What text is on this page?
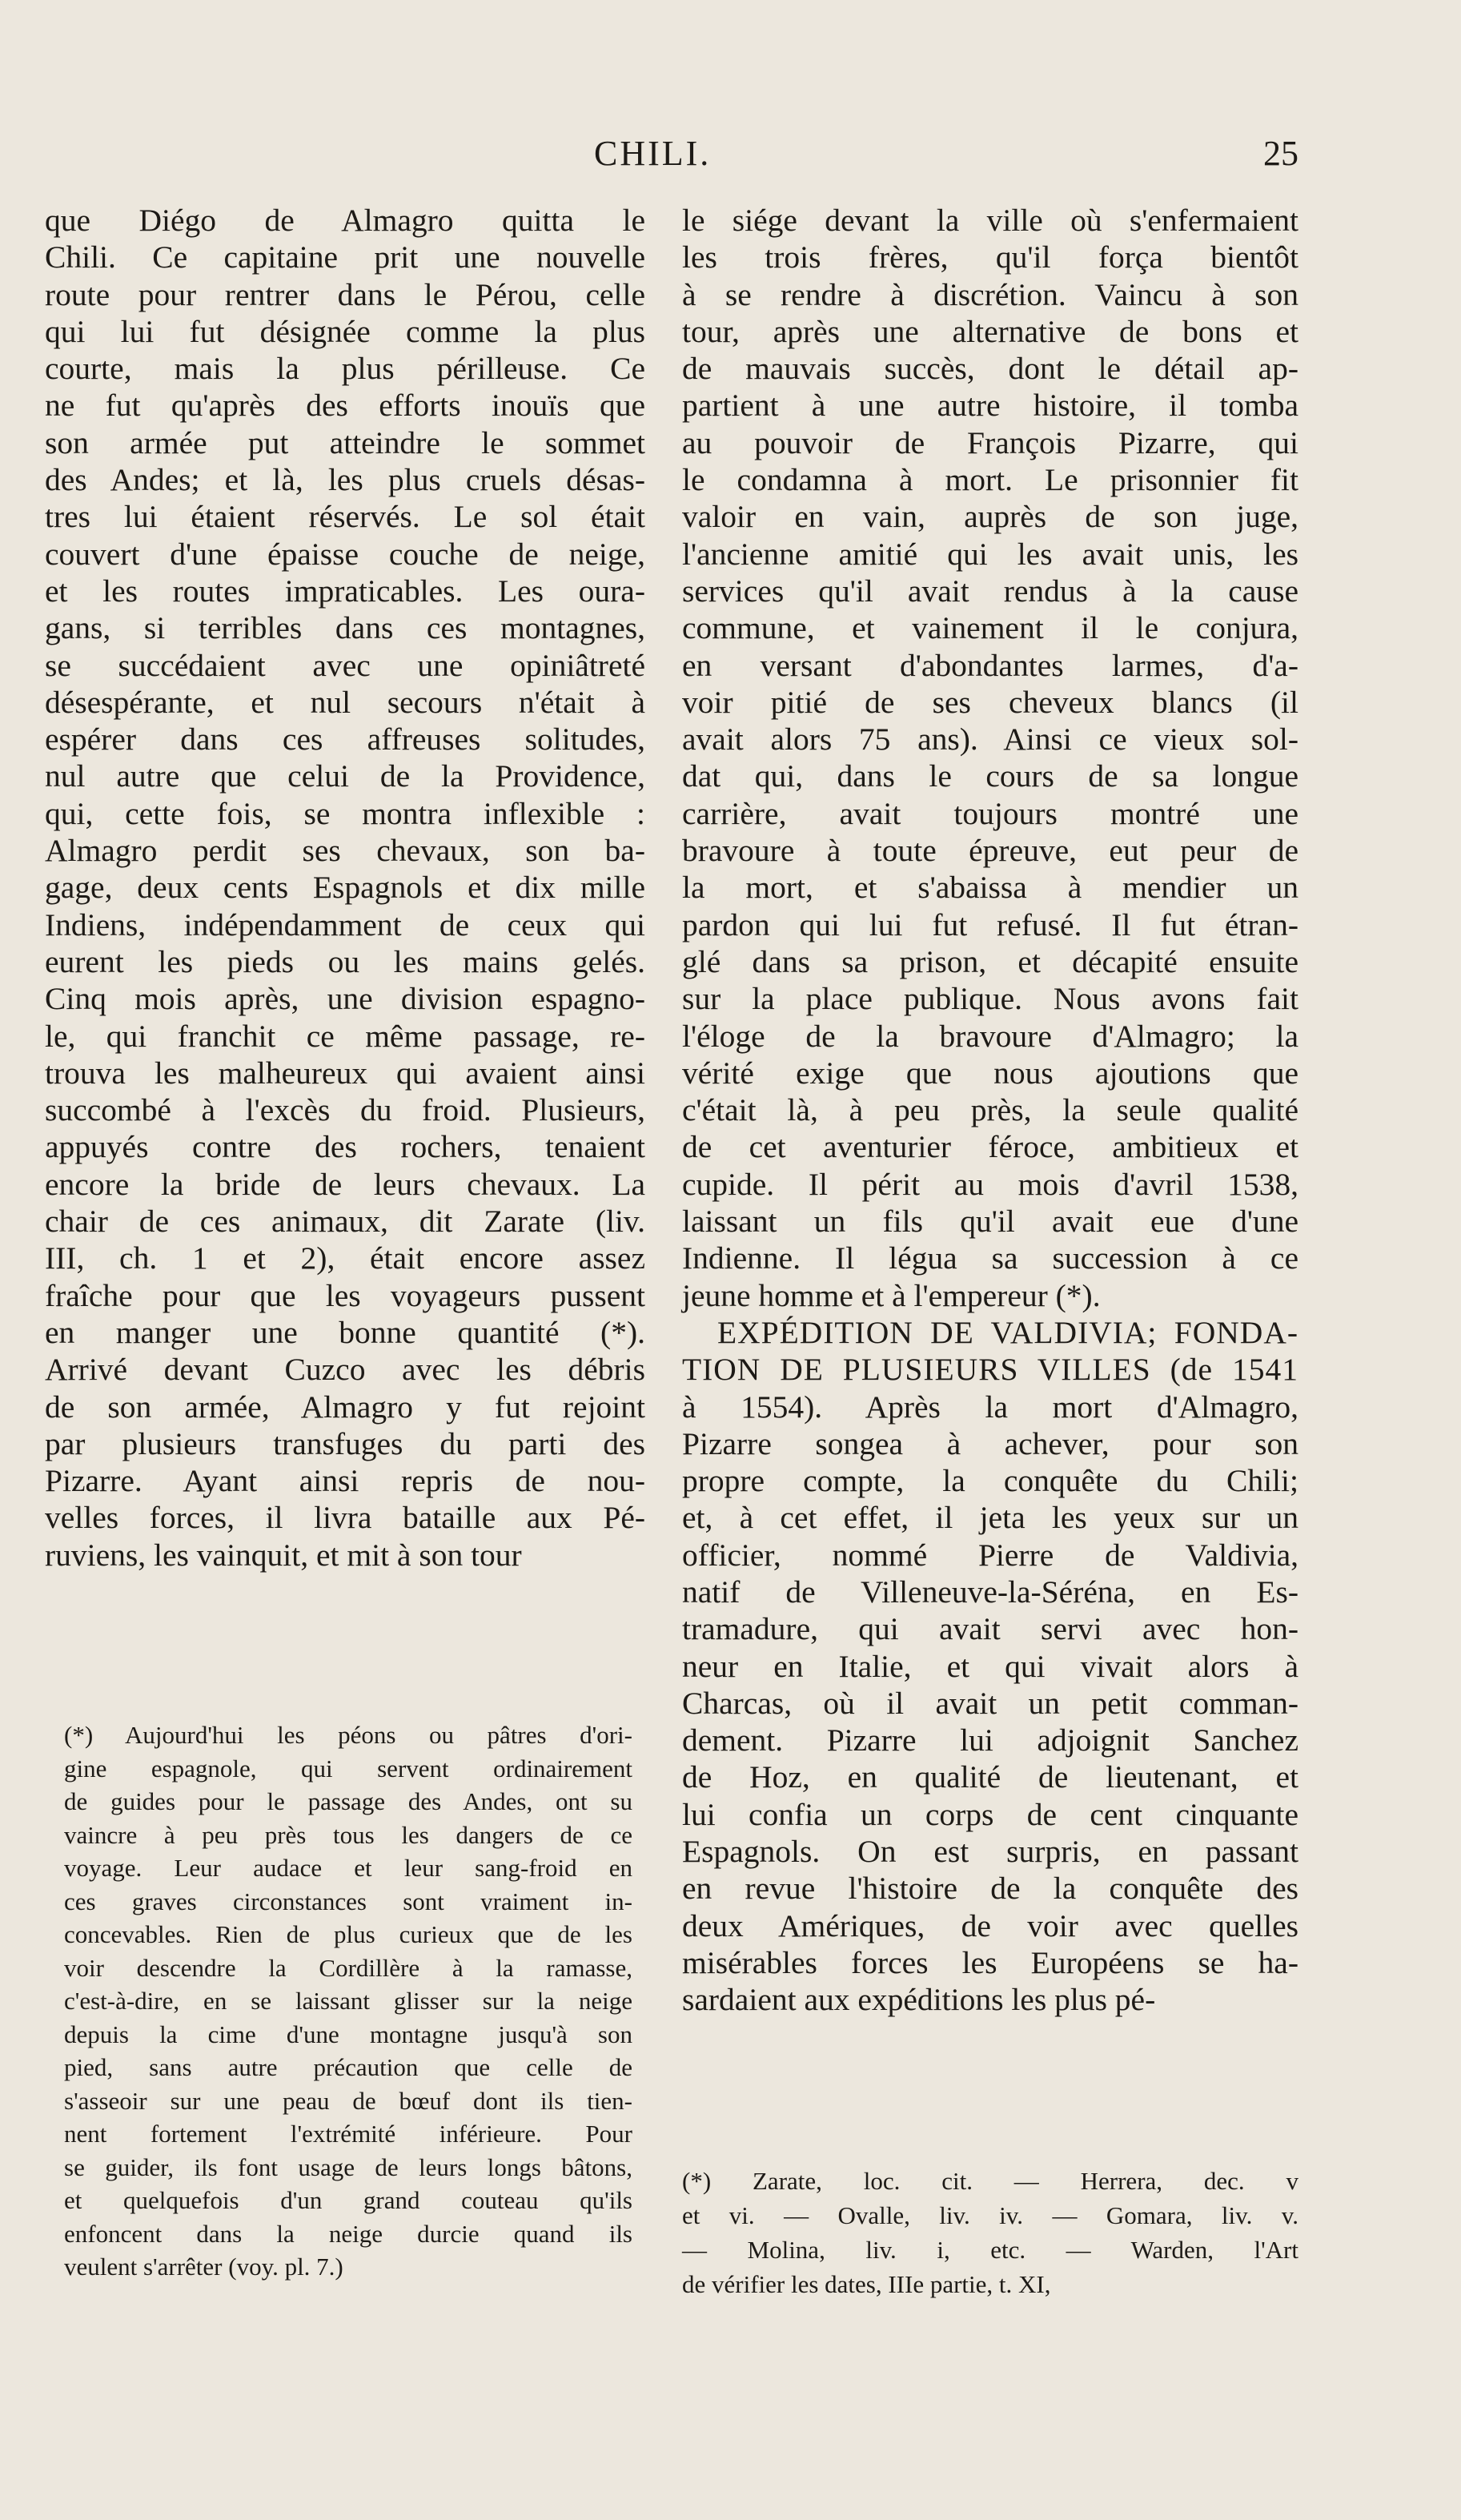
CHILI.	25
que Diégo de Almagro quitta le
Chili. Ce capitaine prit une nouvelle
route pour rentrer dans le Pérou, celle
qui lui fut désignée comme la plus
courte, mais la plus périlleuse. Ce
ne fut qu'après des efforts inouïs que
son armée put atteindre le sommet
des Andes; et là, les plus cruels désas-
tres lui étaient réservés. Le sol était
couvert d'une épaisse couche de neige,
et les routes impraticables. Les oura-
gans, si terribles dans ces montagnes,
se succédaient avec une opiniâtreté
désespérante, et nul secours n'était à
espérer dans ces affreuses solitudes,
nul autre que celui de la Providence,
qui, cette fois, se montra inflexible :
Almagro perdit ses chevaux, son ba-
gage, deux cents Espagnols et dix mille
Indiens, indépendamment de ceux qui
eurent les pieds ou les mains gelés.
Cinq mois après, une division espagno-
le, qui franchit ce même passage, re-
trouva les malheureux qui avaient ainsi
succombé à l'excès du froid. Plusieurs,
appuyés contre des rochers, tenaient
encore la bride de leurs chevaux. La
chair de ces animaux, dit Zarate (liv.
III, ch. 1 et 2), était encore assez
fraîche pour que les voyageurs pussent
en manger une bonne quantité (*).
Arrivé devant Cuzco avec les débris
de son armée, Almagro y fut rejoint
par plusieurs transfuges du parti des
Pizarre. Ayant ainsi repris de nou-
velles forces, il livra bataille aux Pé-
ruviens, les vainquit, et mit à son tour
(*) Aujourd'hui les péons ou pâtres d'ori-
gine espagnole, qui servent ordinairement
de guides pour le passage des Andes, ont su
vaincre à peu près tous les dangers de ce
voyage. Leur audace et leur sang-froid en
ces graves circonstances sont vraiment in-
concevables. Rien de plus curieux que de les
voir descendre la Cordillère à la ramasse,
c'est-à-dire, en se laissant glisser sur la neige
depuis la cime d'une montagne jusqu'à son
pied, sans autre précaution que celle de
s'asseoir sur une peau de bœuf dont ils tien-
nent fortement l'extrémité inférieure. Pour
se guider, ils font usage de leurs longs bâtons,
et quelquefois d'un grand couteau qu'ils
enfoncent dans la neige durcie quand ils
veulent s'arrêter (voy. pl. 7.)
le siége devant la ville où s'enfermaient
les trois frères, qu'il força bientôt
à se rendre à discrétion. Vaincu à son
tour, après une alternative de bons et
de mauvais succès, dont le détail ap-
partient à une autre histoire, il tomba
au pouvoir de François Pizarre, qui
le condamna à mort. Le prisonnier fit
valoir en vain, auprès de son juge,
l'ancienne amitié qui les avait unis, les
services qu'il avait rendus à la cause
commune, et vainement il le conjura,
en versant d'abondantes larmes, d'a-
voir pitié de ses cheveux blancs (il
avait alors 75 ans). Ainsi ce vieux sol-
dat qui, dans le cours de sa longue
carrière, avait toujours montré une
bravoure à toute épreuve, eut peur de
la mort, et s'abaissa à mendier un
pardon qui lui fut refusé. Il fut étran-
glé dans sa prison, et décapité ensuite
sur la place publique. Nous avons fait
l'éloge de la bravoure d'Almagro; la
vérité exige que nous ajoutions que
c'était là, à peu près, la seule qualité
de cet aventurier féroce, ambitieux et
cupide. Il périt au mois d'avril 1538,
laissant un fils qu'il avait eue d'une
Indienne. Il légua sa succession à ce
jeune homme et à l'empereur (*).
EXPÉDITION DE VALDIVIA; FONDA-
TION DE PLUSIEURS VILLES (de 1541
à 1554). Après la mort d'Almagro,
Pizarre songea à achever, pour son
propre compte, la conquête du Chili;
et, à cet effet, il jeta les yeux sur un
officier, nommé Pierre de Valdivia,
natif de Villeneuve-la-Séréna, en Es-
tramadure, qui avait servi avec hon-
neur en Italie, et qui vivait alors à
Charcas, où il avait un petit comman-
dement. Pizarre lui adjoignit Sanchez
de Hoz, en qualité de lieutenant, et
lui confia un corps de cent cinquante
Espagnols. On est surpris, en passant
en revue l'histoire de la conquête des
deux Amériques, de voir avec quelles
misérables forces les Européens se ha-
sardaient aux expéditions les plus pé-
(*) Zarate, loc. cit. — Herrera, dec. v
et vi. — Ovalle, liv. iv. — Gomara, liv. v.
— Molina, liv. i, etc. — Warden, l'Art
de vérifier les dates, IIIe partie, t. XI,
